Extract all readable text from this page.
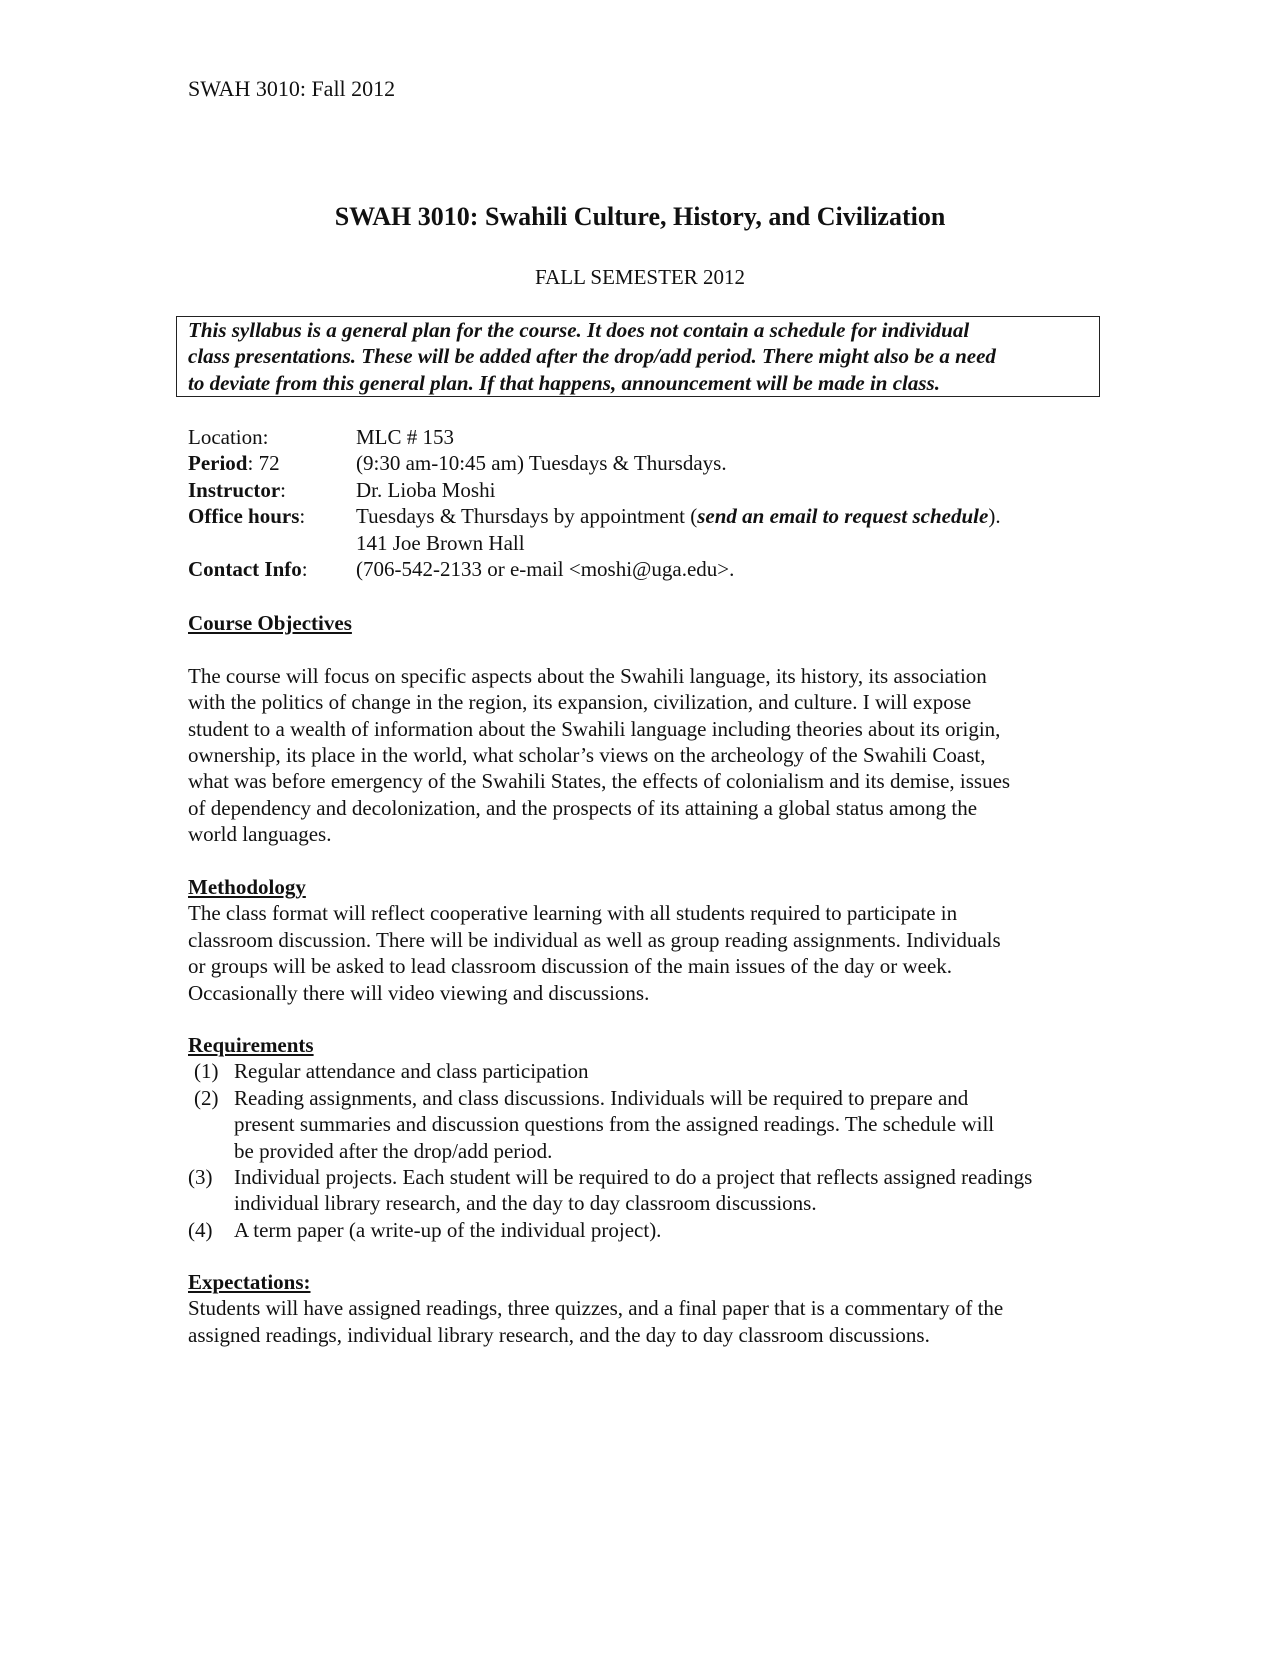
SWAH 3010: Fall 2012
SWAH 3010: Swahili Culture, History, and Civilization
FALL SEMESTER 2012
This syllabus is a general plan for the course. It does not contain a schedule for individual
class presentations. These will be added after the drop/add period. There might also be a need
to deviate from this general plan. If that happens, announcement will be made in class.
Location:	MLC # 153
Period: 72	(9:30 am-10:45 am) Tuesdays & Thursdays.
Instructor:	Dr. Lioba Moshi
Office hours:	Tuesdays & Thursdays by appointment (send an email to request schedule).
141 Joe Brown Hall
Contact Info:	(706-542-2133 or e-mail <moshi@uga.edu>.
Course Objectives
The course will focus on specific aspects about the Swahili language, its history, its association
with the politics of change in the region, its expansion, civilization, and culture. I will expose
student to a wealth of information about the Swahili language including theories about its origin,
ownership, its place in the world, what scholar’s views on the archeology of the Swahili Coast,
what was before emergency of the Swahili States, the effects of colonialism and its demise, issues
of dependency and decolonization, and the prospects of its attaining a global status among the
world languages.
Methodology
The class format will reflect cooperative learning with all students required to participate in
classroom discussion. There will be individual as well as group reading assignments. Individuals
or groups will be asked to lead classroom discussion of the main issues of the day or week.
Occasionally there will video viewing and discussions.
Requirements
(1) Regular attendance and class participation
(2) Reading assignments, and class discussions. Individuals will be required to prepare and
present summaries and discussion questions from the assigned readings. The schedule will
be provided after the drop/add period.
(3)	Individual projects. Each student will be required to do a project that reflects assigned readings
individual library research, and the day to day classroom discussions.
(4)	A term paper (a write-up of the individual project).
Expectations:
Students will have assigned readings, three quizzes, and a final paper that is a commentary of the
assigned readings, individual library research, and the day to day classroom discussions.
